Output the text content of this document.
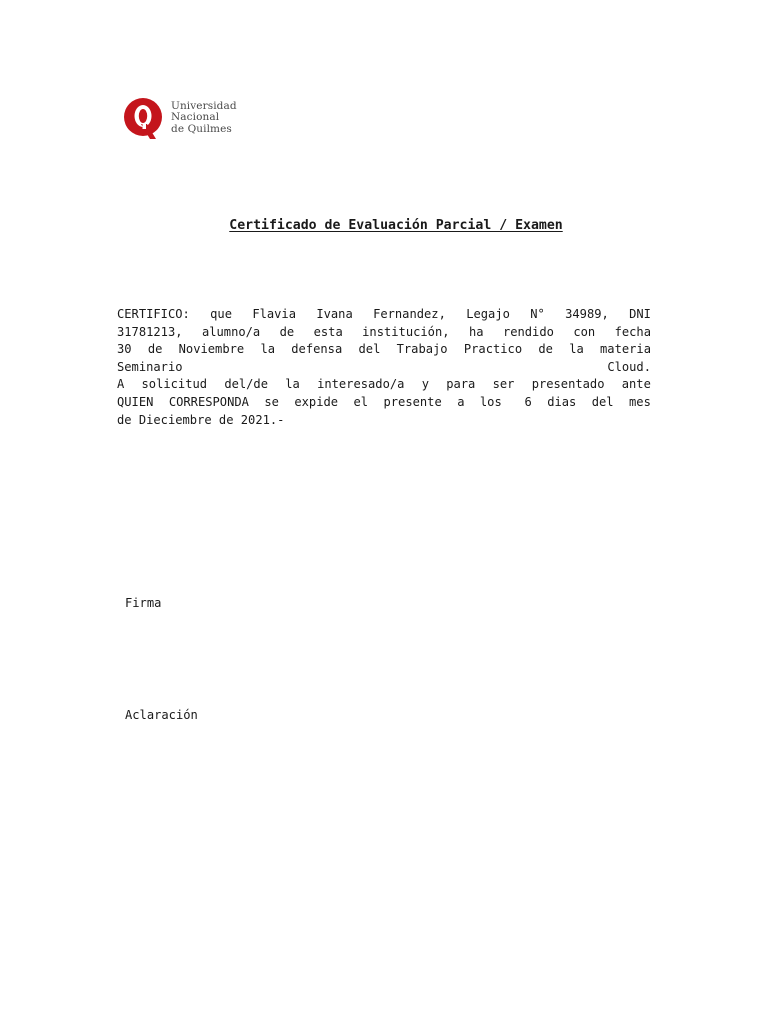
Universidad
Nacional
de Quilmes
Certificado de Evaluación Parcial / Examen
CERTIFICO: que Flavia Ivana Fernandez, Legajo N° 34989, DNI
31781213, alumno/a de esta institución, ha rendido con fecha
30 de Noviembre la defensa del Trabajo Practico de la materia
Seminario	Cloud.
A solicitud del/de la interesado/a y para ser presentado ante
QUIEN CORRESPONDA se expide el presente a los 6 dias del mes
de Dieciembre de 2021.-
Firma
Aclaración
